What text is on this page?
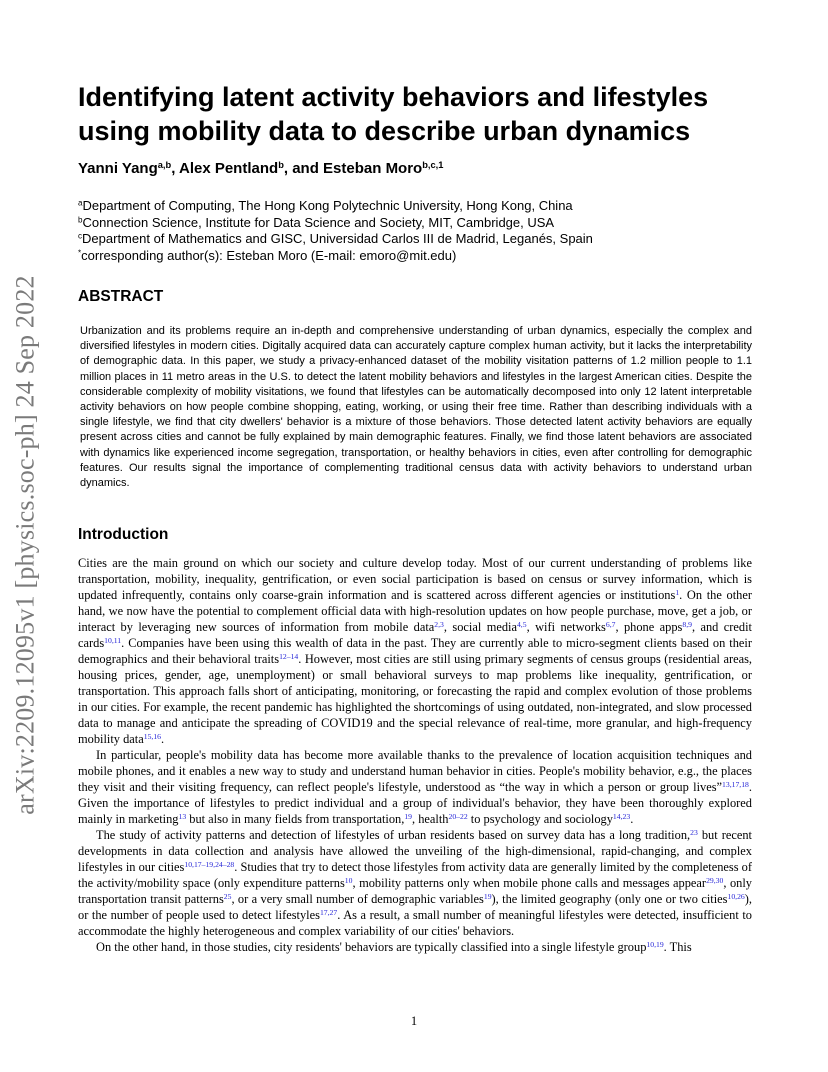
arXiv:2209.12095v1 [physics.soc-ph] 24 Sep 2022
Identifying latent activity behaviors and lifestyles using mobility data to describe urban dynamics
Yanni Yang$^{a,b}$, Alex Pentland$^b$, and Esteban Moro$^{b,c,1}$
$^a$Department of Computing, The Hong Kong Polytechnic University, Hong Kong, China
$^b$Connection Science, Institute for Data Science and Society, MIT, Cambridge, USA
$^c$Department of Mathematics and GISC, Universidad Carlos III de Madrid, Leganés, Spain
*corresponding author(s): Esteban Moro (E-mail: emoro@mit.edu)
ABSTRACT
Urbanization and its problems require an in-depth and comprehensive understanding of urban dynamics, especially the complex and diversified lifestyles in modern cities. Digitally acquired data can accurately capture complex human activity, but it lacks the interpretability of demographic data. In this paper, we study a privacy-enhanced dataset of the mobility visitation patterns of 1.2 million people to 1.1 million places in 11 metro areas in the U.S. to detect the latent mobility behaviors and lifestyles in the largest American cities. Despite the considerable complexity of mobility visitations, we found that lifestyles can be automatically decomposed into only 12 latent interpretable activity behaviors on how people combine shopping, eating, working, or using their free time. Rather than describing individuals with a single lifestyle, we find that city dwellers' behavior is a mixture of those behaviors. Those detected latent activity behaviors are equally present across cities and cannot be fully explained by main demographic features. Finally, we find those latent behaviors are associated with dynamics like experienced income segregation, transportation, or healthy behaviors in cities, even after controlling for demographic features. Our results signal the importance of complementing traditional census data with activity behaviors to understand urban dynamics.
Introduction

Cities are the main ground on which our society and culture develop today. Most of our current understanding of problems like transportation, mobility, inequality, gentrification, or even social participation is based on census or survey information, which is updated infrequently, contains only coarse-grain information and is scattered across different agencies or institutions$^1$. On the other hand, we now have the potential to complement official data with high-resolution updates on how people purchase, move, get a job, or interact by leveraging new sources of information from mobile data$^{2,3}$, social media$^{4,5}$, wifi networks$^{6,7}$, phone apps$^{8,9}$, and credit cards$^{10,11}$. Companies have been using this wealth of data in the past. They are currently able to micro-segment clients based on their demographics and their behavioral traits$^{12-14}$. However, most cities are still using primary segments of census groups (residential areas, housing prices, gender, age, unemployment) or small behavioral surveys to map problems like inequality, gentrification, or transportation. This approach falls short of anticipating, monitoring, or forecasting the rapid and complex evolution of those problems in our cities. For example, the recent pandemic has highlighted the shortcomings of using outdated, non-integrated, and slow processed data to manage and anticipate the spreading of COVID19 and the special relevance of real-time, more granular, and high-frequency mobility data$^{15,16}$.

In particular, people's mobility data has become more available thanks to the prevalence of location acquisition techniques and mobile phones, and it enables a new way to study and understand human behavior in cities. People's mobility behavior, e.g., the places they visit and their visiting frequency, can reflect people's lifestyle, understood as “the way in which a person or group lives”$^{13,17,18}$. Given the importance of lifestyles to predict individual and a group of individual's behavior, they have been thoroughly explored mainly in marketing$^{13}$ but also in many fields from transportation,$^{19}$, health$^{20-22}$ to psychology and sociology$^{14,23}$.

The study of activity patterns and detection of lifestyles of urban residents based on survey data has a long tradition,$^{23}$ but recent developments in data collection and analysis have allowed the unveiling of the high-dimensional, rapid-changing, and complex lifestyles in our cities$^{10,17-19,24-28}$. Studies that try to detect those lifestyles from activity data are generally limited by the completeness of the activity/mobility space (only expenditure patterns$^{10}$, mobility patterns only when mobile phone calls and messages appear$^{29,30}$, only transportation transit patterns$^{25}$, or a very small number of demographic variables$^{19}$), the limited geography (only one or two cities$^{10,26}$), or the number of people used to detect lifestyles$^{17,27}$. As a result, a small number of meaningful lifestyles were detected, insufficient to accommodate the highly heterogeneous and complex variability of our cities' behaviors.

On the other hand, in those studies, city residents' behaviors are typically classified into a single lifestyle group$^{10,19}$. This

1
